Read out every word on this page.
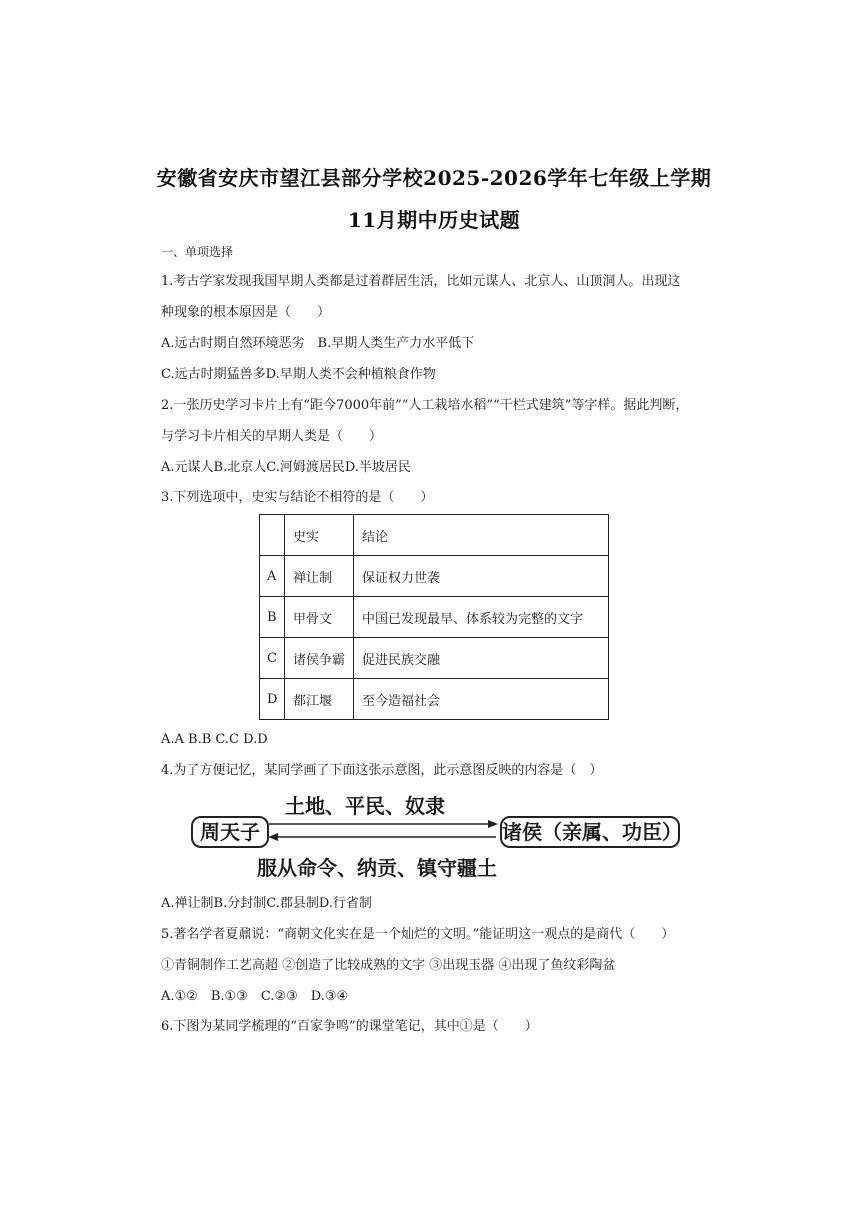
安徽省安庆市望江县部分学校2025-2026学年七年级上学期
11月期中历史试题
一、单项选择
1.考古学家发现我国早期人类都是过着群居生活，比如元谋人、北京人、山顶洞人。出现这
种现象的根本原因是（　　）
A.远古时期自然环境恶劣　B.早期人类生产力水平低下
C.远古时期猛兽多D.早期人类不会种植粮食作物
2.一张历史学习卡片上有“距今7000年前”“人工栽培水稻”“干栏式建筑”等字样。据此判断，
与学习卡片相关的早期人类是（　　）
A.元谋人B.北京人C.河姆渡居民D.半坡居民
3.下列选项中，史实与结论不相符的是（　　）
	史实	结论
A	禅让制	保证权力世袭
B	甲骨文	中国已发现最早、体系较为完整的文字
C	诸侯争霸	促进民族交融
D	都江堰	至今造福社会
A.A B.B C.C D.D
4.为了方便记忆，某同学画了下面这张示意图，此示意图反映的内容是（　）
土地、平民、奴隶
周天子	诸侯（亲属、功臣）
服从命令、纳贡、镇守疆土
A.禅让制B.分封制C.郡县制D.行省制
5.著名学者夏鼐说：“商朝文化实在是一个灿烂的文明。”能证明这一观点的是商代（　　）
①青铜制作工艺高超 ②创造了比较成熟的文字 ③出现玉器 ④出现了鱼纹彩陶盆
A.①②　B.①③　C.②③　D.③④
6.下图为某同学梳理的“百家争鸣”的课堂笔记，其中①是（　　）
